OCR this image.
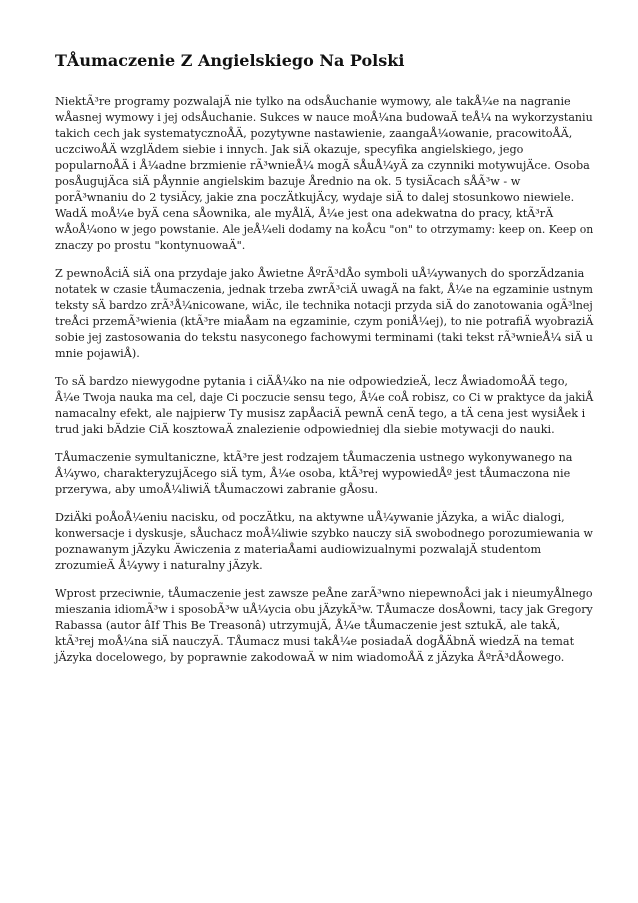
TÅumaczenie Z Angielskiego Na Polski

NiektÃ³re programy pozwalajÄ nie tylko na odsÅuchanie wymowy, ale takÅ¼e na nagranie
wÅasnej wymowy i jej odsÅuchanie. Sukces w nauce moÅ¼na budowaÄ teÅ¼ na wykorzystaniu
takich cech jak systematycznoÅÄ, pozytywne nastawienie, zaangaÅ¼owanie, pracowitoÅÄ,
uczciwoÅÄ wzglÄdem siebie i innych. Jak siÄ okazuje, specyfika angielskiego, jego
popularnoÅÄ i Å¼adne brzmienie rÃ³wnieÅ¼ mogÄ sÅuÅ¼yÄ za czynniki motywujÄce. Osoba
posÅugujÄca siÄ pÅynnie angielskim bazuje Årednio na ok. 5 tysiÄcach sÅÃ³w - w
porÃ³wnaniu do 2 tysiÄcy, jakie zna poczÄtkujÄcy, wydaje siÄ to dalej stosunkowo niewiele.
WadÄ moÅ¼e byÄ cena sÅownika, ale myÅlÄ, Å¼e jest ona adekwatna do pracy, ktÃ³rÄ
wÅoÅ¼ono w jego powstanie. Ale jeÅ¼eli dodamy na koÅcu "on" to otrzymamy: keep on. Keep on
znaczy po prostu "kontynuowaÄ".

Z pewnoÅciÄ siÄ ona przydaje jako Åwietne ÅºrÃ³dÅo symboli uÅ¼ywanych do sporzÄdzania
notatek w czasie tÅumaczenia, jednak trzeba zwrÃ³ciÄ uwagÄ na fakt, Å¼e na egzaminie ustnym
teksty sÄ bardzo zrÃ³Å¼nicowane, wiÄc, ile technika notacji przyda siÄ do zanotowania ogÃ³lnej
treÅci przemÃ³wienia (ktÃ³re miaÅam na egzaminie, czym poniÅ¼ej), to nie potrafiÄ wyobraziÄ
sobie jej zastosowania do tekstu nasyconego fachowymi terminami (taki tekst rÃ³wnieÅ¼ siÄ u
mnie pojawiÅ).

To sÄ bardzo niewygodne pytania i ciÄÅ¼ko na nie odpowiedzieÄ, lecz ÅwiadomoÅÄ tego,
Å¼e Twoja nauka ma cel, daje Ci poczucie sensu tego, Å¼e coÅ robisz, co Ci w praktyce da jakiÅ
namacalny efekt, ale najpierw Ty musisz zapÅaciÄ pewnÄ cenÄ tego, a tÄ cena jest wysiÅek i
trud jaki bÄdzie CiÄ kosztowaÄ znalezienie odpowiedniej dla siebie motywacji do nauki.

TÅumaczenie symultaniczne, ktÃ³re jest rodzajem tÅumaczenia ustnego wykonywanego na
Å¼ywo, charakteryzujÄcego siÄ tym, Å¼e osoba, ktÃ³rej wypowiedÅº jest tÅumaczona nie
przerywa, aby umoÅ¼liwiÄ tÅumaczowi zabranie gÅosu.

DziÄki poÅoÅ¼eniu nacisku, od poczÄtku, na aktywne uÅ¼ywanie jÄzyka, a wiÄc dialogi,
konwersacje i dyskusje, sÅuchacz moÅ¼liwie szybko nauczy siÄ swobodnego porozumiewania w
poznawanym jÄzyku Äwiczenia z materiaÅami audiowizualnymi pozwalajÄ studentom
zrozumieÄ Å¼ywy i naturalny jÄzyk.

Wprost przeciwnie, tÅumaczenie jest zawsze peÅne zarÃ³wno niepewnoÅci jak i nieumyÅlnego
mieszania idiomÃ³w i sposobÃ³w uÅ¼ycia obu jÄzykÃ³w. TÅumacze dosÅowni, tacy jak Gregory
Rabassa (autor âIf This Be Treasonâ) utrzymujÄ, Å¼e tÅumaczenie jest sztukÄ, ale takÄ,
ktÃ³rej moÅ¼na siÄ nauczyÄ. TÅumacz musi takÅ¼e posiadaÄ dogÅÄbnÄ wiedzÄ na temat
jÄzyka docelowego, by poprawnie zakodowaÄ w nim wiadomoÅÄ z jÄzyka ÅºrÃ³dÅowego.
